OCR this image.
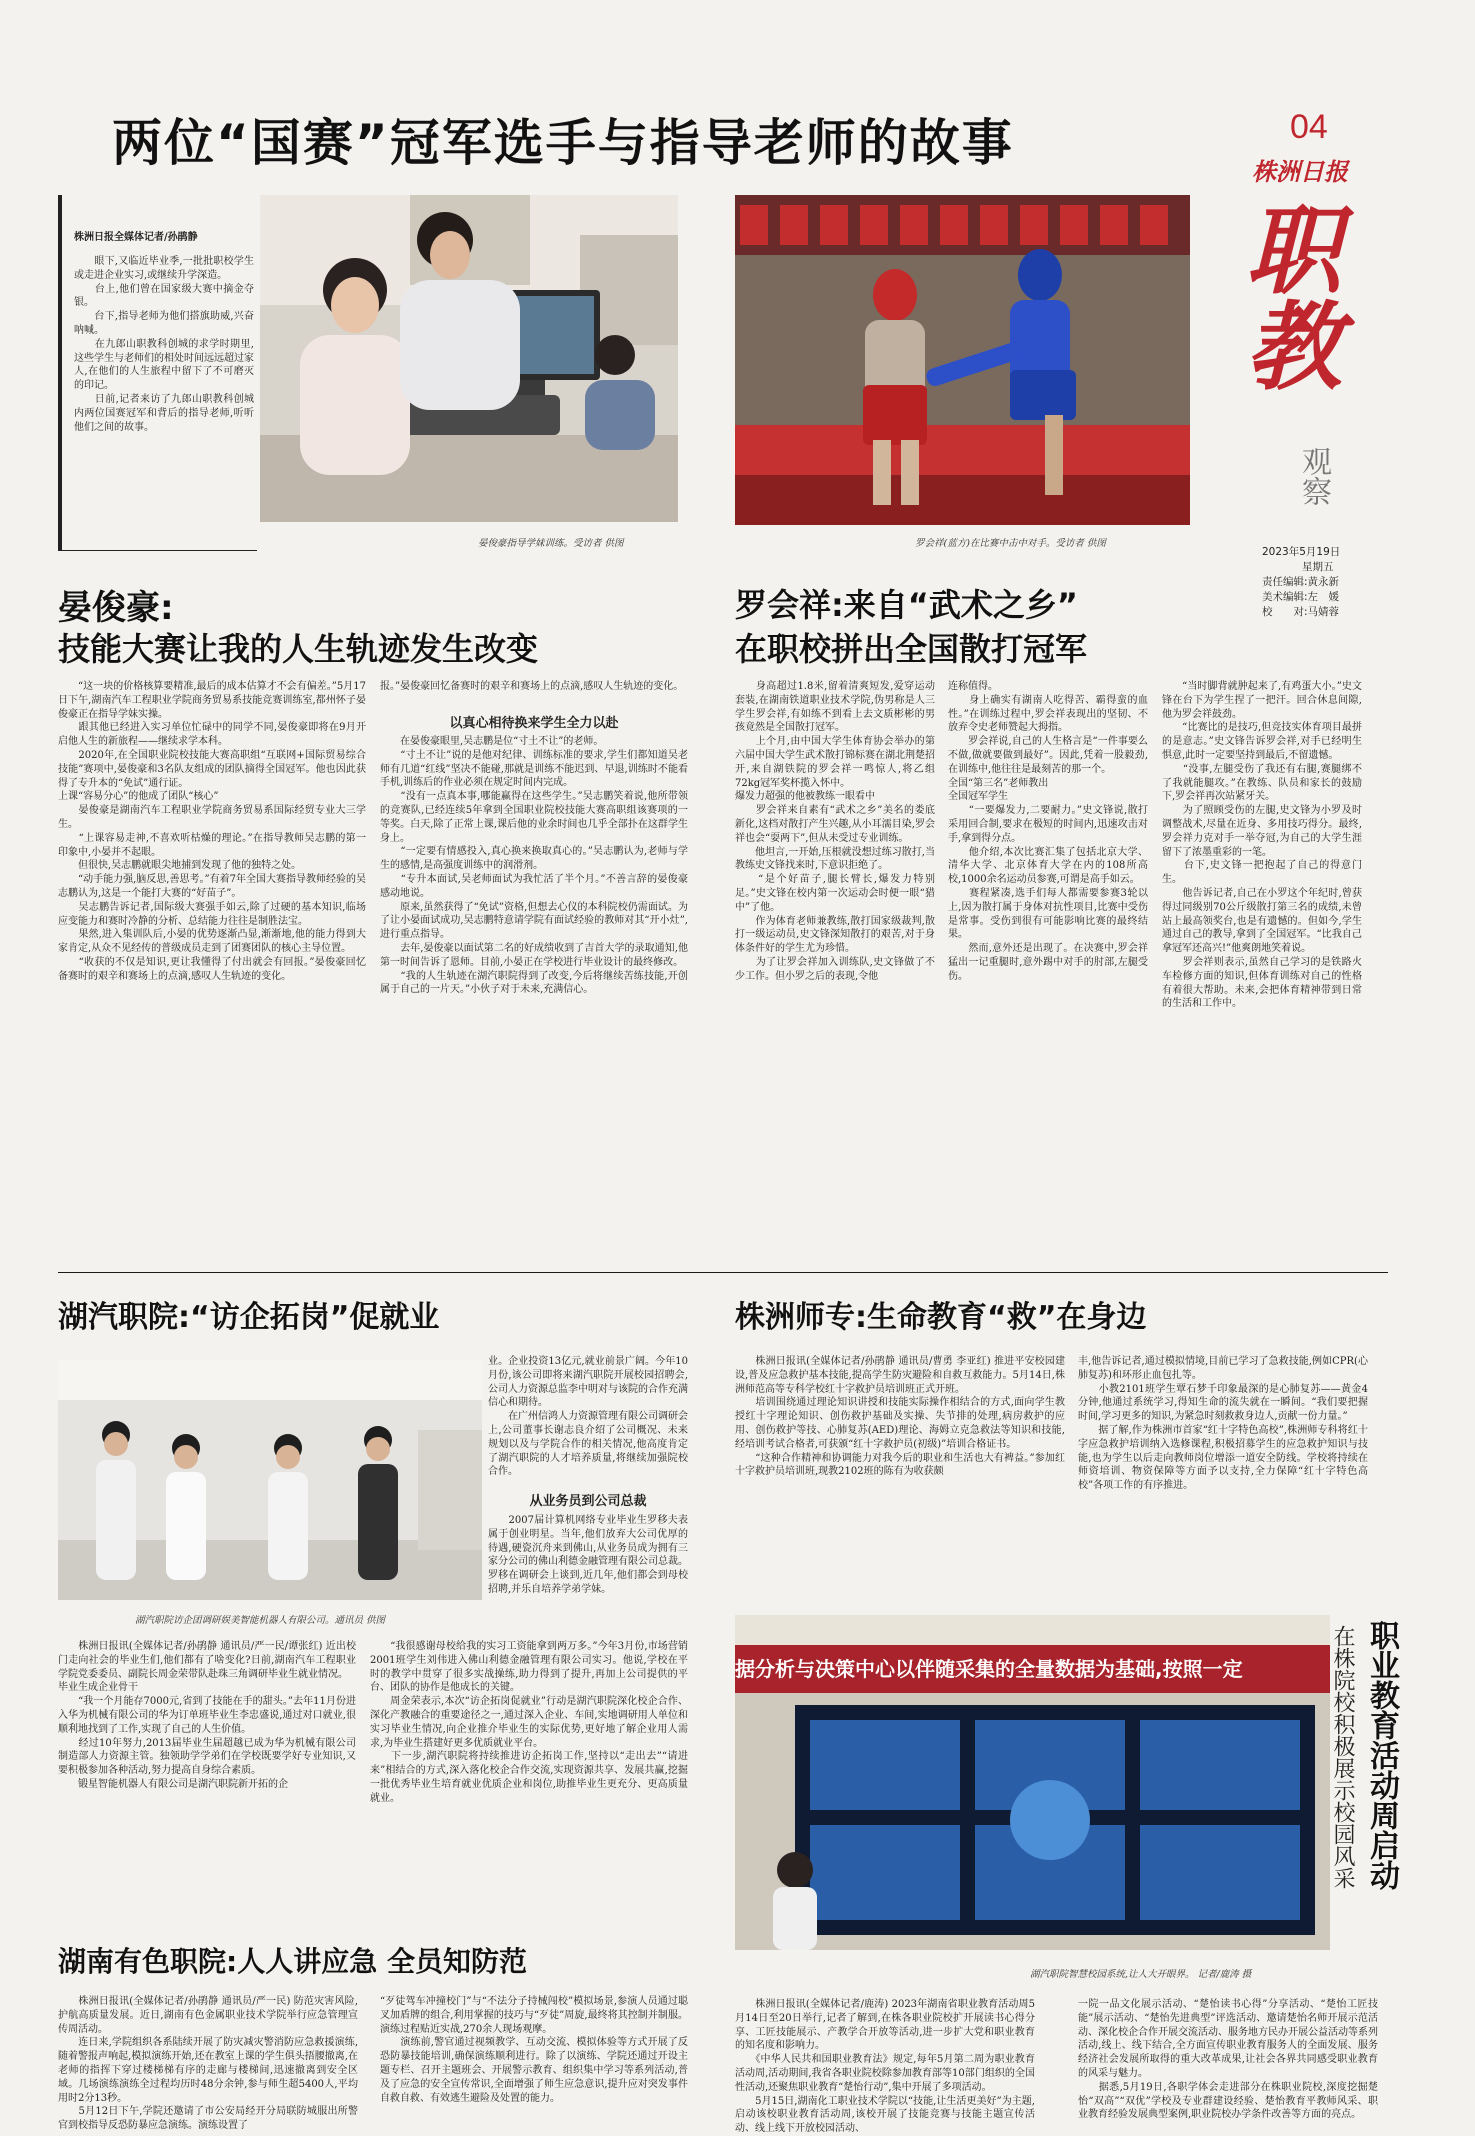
两位“国赛”冠军选手与指导老师的故事	04
株洲日报
职教
观察
2023年5月19日
星期五
责任编辑:黄永新
美术编辑:左　媛
校　　对:马婧蓉
株洲日报全媒体记者/孙鹃静
　　眼下,又临近毕业季,一批批职校学生或走进企业实习,或继续升学深造。
　　台上,他们曾在国家级大赛中摘金夺银。
　　台下,指导老师为他们搭旗助威,兴奋呐喊。
　　在九郎山职教科创城的求学时期里,这些学生与老师们的相处时间远远超过家人,在他们的人生旅程中留下了不可磨灭的印记。
　　日前,记者来访了九郎山职教科创城内两位国赛冠军和背后的指导老师,听听他们之间的故事。
晏俊豪指导学妹训练。受访者 供图	罗会祥(蓝方)在比赛中击中对手。受访者 供图
晏俊豪:
技能大赛让我的人生轨迹发生改变
　　“这一块的价格核算要精准,最后的成本估算才不会有偏差。”5月17日下午,湖南汽车工程职业学院商务贸易系技能竞赛训练室,都州怀子晏俊豪正在指导学妹实操。
　　跟其他已经进入实习单位忙碌中的同学不同,晏俊豪即将在9月开启他人生的新旅程——继续求学本科。
　　2020年,在全国职业院校技能大赛高职组“互联网+国际贸易综合技能”赛项中,晏俊豪和3名队友组成的团队摘得全国冠军。他也因此获得了专升本的“免试”通行证。
上课“容易分心”的他成了团队“核心”
　　晏俊豪是湖南汽车工程职业学院商务贸易系国际经贸专业大三学生。
　　“上课容易走神,不喜欢听枯燥的理论。”在指导教师吴志鹏的第一印象中,小晏并不起眼。
　　但很快,吴志鹏就眼尖地捕到发现了他的独特之处。
　　“动手能力强,脑反思,善思考。”有着7年全国大赛指导教师经验的吴志鹏认为,这是一个能打大赛的“好苗子”。
　　吴志鹏告诉记者,国际级大赛强手如云,除了过硬的基本知识,临场应变能力和赛时冷静的分析、总结能力往往是制胜法宝。
　　果然,进入集训队后,小晏的优势逐渐凸显,渐渐地,他的能力得到大家肯定,从众不见经传的普级成员走到了团赛团队的核心主导位置。
　　“收获的不仅是知识,更让我懂得了付出就会有回报。”晏俊豪回忆备赛时的艰辛和赛场上的点滴,感叹人生轨迹的变化。
　　在晏俊豪眼里,吴志鹏是位“寸土不让”的老师。
　　“寸土不让”说的是他对纪律、训练标准的要求,学生们都知道吴老师有几道“红线”坚决不能碰,那就是训练不能迟到、早退,训练时不能看手机,训练后的作业必须在规定时间内完成。
　　“没有一点真本事,哪能赢得在这些学生。”吴志鹏笑着说,他所带领的竞赛队,已经连续5年拿到全国职业院校技能大赛高职组该赛项的一等奖。白天,除了正常上课,课后他的业余时间也几乎全部扑在这群学生身上。
　　“一定要有情感投入,真心换来换取真心的。”吴志鹏认为,老师与学生的感情,是高强度训练中的润滑剂。
　　“专升本面试,吴老师面试为我忙活了半个月。”不善言辞的晏俊豪感动地说。
　　原来,虽然获得了“免试”资格,但想去心仪的本科院校仍需面试。为了让小晏面试成功,吴志鹏特意请学院有面试经验的教师对其“开小灶”,进行重点指导。
　　去年,晏俊豪以面试第二名的好成绩收到了吉首大学的录取通知,他第一时间告诉了恩师。目前,小晏正在学校进行毕业设计的最终修改。
　　“我的人生轨迹在湖汽职院得到了改变,今后将继续苦练技能,开创属于自己的一片天。”小伙子对于未来,充满信心。
报。”晏俊豪回忆备赛时的艰辛和赛场上的点滴,感叹人生轨迹的变化。
以真心相待换来学生全力以赴
罗会祥:来自“武术之乡”
在职校拼出全国散打冠军
　　身高超过1.8米,留着清爽短发,爱穿运动套装,在湖南铁道职业技术学院,伪男称是人三学生罗会祥,有如练不到看上去文质彬彬的男孩竟然是全国散打冠军。
　　上个月,由中国大学生体育协会举办的第六届中国大学生武术散打锦标赛在湖北荆楚招开,来自湖铁院的罗会祥一鸣惊人,将乙组72kg冠军奖杯揽入怀中。
爆发力超强的他被教练一眼看中
　　罗会祥来自素有“武术之乡”美名的娄底新化,这档对散打产生兴趣,从小耳濡目染,罗会祥也会“耍两下”,但从未受过专业训练。
　　他坦言,一开始,压根就没想过练习散打,当教练史文锋找来时,下意识拒绝了。
　　“是个好苗子,腿长臂长,爆发力特别足。”史文锋在校内第一次运动会时便一眼“猎中”了他。
　　作为体育老师兼教练,散打国家级裁判,散打一级运动员,史文锋深知散打的艰苦,对于身体条件好的学生尤为珍惜。
　　为了让罗会祥加入训练队,史文锋做了不少工作。但小罗之后的表现,令他
连称值得。
　　身上确实有湖南人吃得苦、霸得蛮的血性。”在训练过程中,罗会祥表现出的坚韧、不放弃令史老师赞起大拇指。
　　罗会祥说,自己的人生格言是“一件事要么不做,做就要做到最好”。因此,凭着一股毅劲,在训练中,他往往是最刻苦的那一个。
全国“第三名”老师教出
全国冠军学生
　　“一要爆发力,二要耐力。”史文锋说,散打采用回合制,要求在极短的时间内,迅速攻击对手,拿到得分点。
　　他介绍,本次比赛汇集了包括北京大学、清华大学、北京体育大学在内的108所高校,1000余名运动员参赛,可谓是高手如云。
　　赛程紧凑,选手们每人都需要参赛3轮以上,因为散打属于身体对抗性项目,比赛中受伤是常事。受伤到很有可能影响比赛的最终结果。
　　然而,意外还是出现了。在决赛中,罗会祥猛出一记重腿时,意外踢中对手的肘部,左腿受伤。
　　“当时脚背就肿起来了,有鸡蛋大小。”史文锋在台下为学生捏了一把汗。回合休息间隙,他为罗会祥鼓劲。
　　“比赛比的是技巧,但竞技实体育项目最拼的是意志。”史文锋告诉罗会祥,对手已经明生惧意,此时一定要坚持到最后,不留遗憾。
　　“没事,左腿受伤了我还有右腿,赛腿绑不了我就能腿攻。”在教练、队员和家长的鼓励下,罗会祥再次站紧牙关。
　　为了照顾受伤的左腿,史文锋为小罗及时调整战术,尽量在近身、多用技巧得分。最终,罗会祥力克对手一举夺冠,为自己的大学生涯留下了浓墨重彩的一笔。
　　台下,史文锋一把抱起了自己的得意门生。
　　他告诉记者,自己在小罗这个年纪时,曾获得过同级别70公斤级散打第三名的成绩,未曾站上最高领奖台,也是有遗憾的。但如今,学生通过自己的教导,拿到了全国冠军。“比我自己拿冠军还高兴!”他爽朗地笑着说。
　　罗会祥则表示,虽然自己学习的是铁路火车检修方面的知识,但体育训练对自己的性格有着很大帮助。未来,会把体育精神带到日常的生活和工作中。
湖汽职院:“访企拓岗”促就业
湖汽职院访企团调研娱美智能机器人有限公司。通讯员 供图
　　株洲日报讯(全媒体记者/孙鹃静 通讯员/严一民/谭张红) 近出校门走向社会的毕业生们,他们都有了啥变化?日前,湖南汽车工程职业学院党委委员、副院长周金荣带队赴珠三角调研毕业生就业情况。
毕业生成企业骨干
　　“我一个月能存7000元,省到了技能在手的甜头。”去年11月份进入华为机械有限公司的华为订单班毕业生李忠盛说,通过对口就业,很顺利地找到了工作,实现了自己的人生价值。
　　经过10年努力,2013届毕业生届超越已成为华为机械有限公司制造部人力资源主管。独领助学学弟们在学校既要学好专业知识,又要积极参加各种活动,努力提高自身综合素质。
　　锻星智能机器人有限公司是湖汽职院新开拓的企
业。企业投资13亿元,就业前景广阔。今年10月份,该公司即将来湖汽职院开展校园招聘会,公司人力资源总监李中明对与该院的合作充满信心和期待。
　　在广州信鸿人力资源管理有限公司调研会上,公司董事长谢志良介绍了公司概况、未来规划以及与学院合作的相关情况,他高度肯定了湖汽职院的人才培养质量,将继续加强院校合作。
从业务员到公司总裁
　　2007届计算机网络专业毕业生罗移夫表属于创业明星。当年,他们放弃大公司优厚的待遇,硬瓷沉舟来到佛山,从业务员成为拥有三家分公司的佛山利德金融管理有限公司总裁。罗移在调研会上谈到,近几年,他们都会到母校招聘,并乐自培养学弟学妹。
　　“我很感谢母校给我的实习工资能拿到两万多。”今年3月份,市场营销2001班学生刘伟进入佛山利德金融管理有限公司实习。他说,学校在平时的教学中贯穿了很多实战操练,助力得到了提升,再加上公司提供的平台、团队的协作是他成长的关键。
　　周金荣表示,本次“访企拓岗促就业”行动是湖汽职院深化校企合作、深化产教融合的重要途径之一,通过深入企业、车间,实地调研用人单位和实习毕业生情况,向企业推介毕业生的实际优势,更好地了解企业用人需求,为毕业生搭建好更多优质就业平台。
　　下一步,湖汽职院将持续推进访企拓岗工作,坚持以“走出去”“请进来”相结合的方式,深入落化校企合作交流,实现资源共享、发展共赢,挖掘一批优秀毕业生培育就业优质企业和岗位,助推毕业生更充分、更高质量就业。
株洲师专:生命教育“救”在身边
　　株洲日报讯(全媒体记者/孙鹃静 通讯员/曹勇 李亚红) 推进平安校园建设,普及应急救护基本技能,提高学生防灾避险和自救互救能力。5月14日,株洲师范高等专科学校红十字救护员培训班正式开班。
　　培训围绕通过理论知识讲授和技能实际操作相结合的方式,面向学生教授红十字理论知识、创伤救护基础及实操、失节排的处理,病房救护的应用、创伤救护等技、心肺复苏(AED)理论、海姆立克急救法等知识和技能,经培训考试合格者,可获颁“红十字救护员(初级)”培训合格证书。
　　“这种合作精神和协调能力对我今后的职业和生活也大有裨益。”参加红十字救护员培训班,现教2102班的陈有为收获颇
丰,他告诉记者,通过模拟情境,目前已学习了急救技能,例如CPR(心肺复苏)和环形止血包扎等。
　　小教2101班学生覃石梦千印象最深的是心肺复苏——黄金4分钟,他通过系统学习,得知生命的流失就在一瞬间。“我们要把握时间,学习更多的知识,为紧急时刻救救身边人,贡献一份力量。”
　　据了解,作为株洲市首家“红十字特色高校”,株洲师专科将红十字应急救护培训纳入选修课程,积极招募学生的应急救护知识与技能,也为学生以后走向教师岗位增添一道安全防线。学校将持续在师资培训、物资保障等方面予以支持,全力保障“红十字特色高校”各项工作的有序推进。
据分析与决策中心以伴随采集的全量数据为基础,按照一定
湖汽职院智慧校园系统,让人大开眼界。 记者/鹿涛 摄
职业教育活动周启动
在株院校积极展示校园风采
　　株洲日报讯(全媒体记者/鹿涛) 2023年湖南省职业教育活动周5月14日至20日举行,记者了解到,在株各职业院校扩开展读书心得分享、工匠技能展示、产教学合开放等活动,进一步扩大党和职业教育的知名度和影响力。
　　《中华人民共和国职业教育法》规定,每年5月第二周为职业教育活动周,活动期间,我省各职业院校除参加教育部等10部门组织的全国性活动,还聚焦职业教育“楚怡行动”,集中开展了多项活动。
　　5月15日,湖南化工职业技术学院以“技能,让生活更美好”为主题,启动该校职业教育活动周,该校开展了技能竞赛与技能主题宣传活动、线上线下开放校园活动、
一院一品文化展示活动、“楚怡读书心得”分享活动、“楚怡工匠技能”展示活动、“楚怡先进典型”评选活动、邀请楚怡名师开展示范活动、深化校企合作开展交流活动、服务地方民办开展公益活动等系列活动,线上、线下结合,全方面宣传职业教育服务人的全面发展、服务经济社会发展所取得的重大改革成果,让社会各界共同感受职业教育的风采与魅力。
　　据悉,5月19日,各职学体会走进部分在株职业院校,深度挖掘楚怡“双高”“双优”学校及专业群建设经验、楚怡教育平教师风采、职业教育经验发展典型案例,职业院校办学条件改善等方面的亮点。
湖南有色职院:人人讲应急 全员知防范
　　株洲日报讯(全媒体记者/孙鹃静 通讯员/严一民) 防范灾害风险,护航高质量发展。近日,湖南有色金属职业技术学院举行应急管理宣传周活动。
　　连日来,学院组织各系陆续开展了防灾减灾警消防应急救援演练,随着警报声响起,模拟演练开始,还在教室上课的学生俱头捂腰撤离,在老师的指挥下穿过楼梯梯有序的走廊与楼梯间,迅速撤离到安全区域。几场演练演练全过程均历时48分余钟,参与师生超5400人,平均用时2分13秒。
　　5月12日下午,学院还邀请了市公安局经开分局联防城服出所警官到校指导反恐防暴应急演练。演练设置了
“歹徒驾车冲撞校门”与“不法分子持械闯校”模拟场景,参演人员通过聪叉加盾牌的组合,利用掌握的技巧与“歹徒”周旋,最终将其控制并制服。演练过程贴近实战,270余人现场观摩。
　　演练前,警官通过视频教学、互动交流、模拟体验等方式开展了反恐防暴技能培训,确保演练顺利进行。除了以演练、学院还通过开设主题专栏、召开主题班会、开展警示教育、组织集中学习等系列活动,普及了应急的安全宣传常识,全面增强了师生应急意识,提升应对突发事件自救自救、有效逃生避险及处置的能力。
